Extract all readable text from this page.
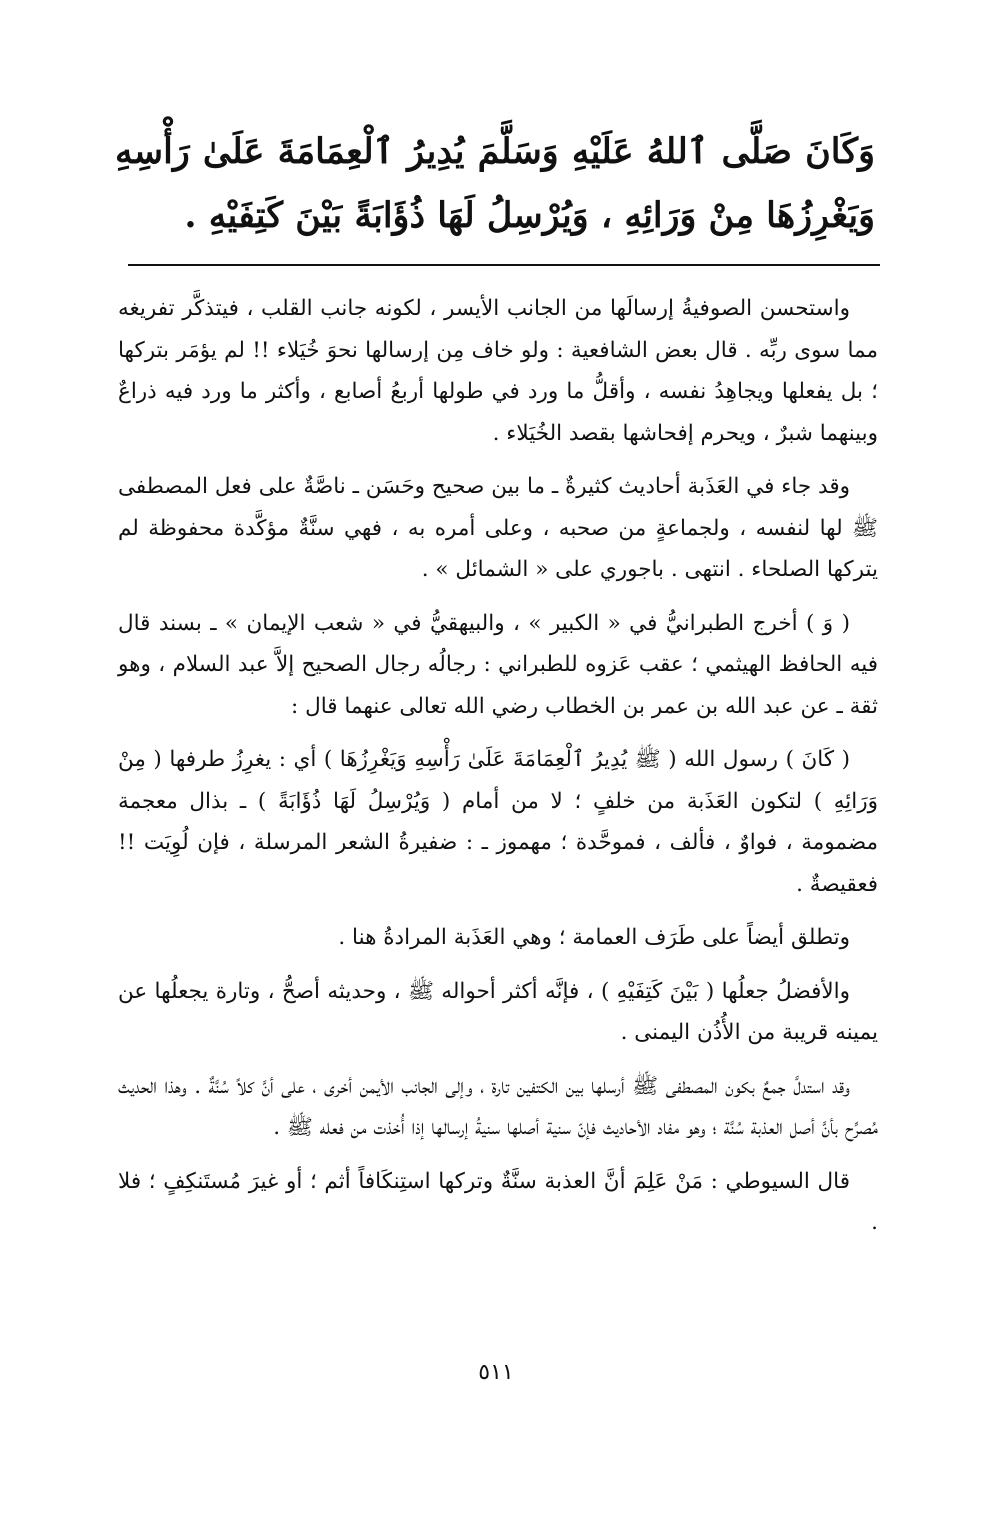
وَكَانَ صَلَّى ٱللهُ عَلَيْهِ وَسَلَّمَ يُدِيرُ ٱلْعِمَامَةَ عَلَىٰ رَأْسِهِ وَيَغْرِزُهَا مِنْ وَرَائِهِ ، وَيُرْسِلُ لَهَا ذُؤَابَةً بَيْنَ كَتِفَيْهِ .

واستحسن الصوفيةُ إرسالَها من الجانب الأيسر ، لكونه جانب القلب ، فيتذكَّر تفريغه مما سوى ربِّه . قال بعض الشافعية : ولو خاف مِن إرسالها نحوَ خُيَلاء !! لم يؤمَر بتركها ؛ بل يفعلها ويجاهِدُ نفسه ، وأقلُّ ما ورد في طولها أربعُ أصابع ، وأكثر ما ورد فيه ذراعٌ وبينهما شبرٌ ، ويحرم إفحاشها بقصد الخُيَلاء .

وقد جاء في العَذَبة أحاديث كثيرةٌ ـ ما بين صحيح وحَسَن ـ ناصَّةٌ على فعل المصطفى ﷺ لها لنفسه ، ولجماعةٍ من صحبه ، وعلى أمره به ، فهي سنَّةٌ مؤكَّدة محفوظة لم يتركها الصلحاء . انتهى . باجوري على « الشمائل » .

( وَ ) أخرج الطبرانيُّ في « الكبير » ، والبيهقيُّ في « شعب الإيمان » ـ بسند قال فيه الحافظ الهيثمي ؛ عقب عَزوه للطبراني : رجالُه رجال الصحيح إلاَّ عبد السلام ، وهو ثقة ـ عن عبد الله بن عمر بن الخطاب رضي الله تعالى عنهما قال :

( كَانَ ) رسول الله ( ﷺ يُدِيرُ ٱلْعِمَامَةَ عَلَىٰ رَأْسِهِ وَيَغْرِزُهَا ) أي : يغرِزُ طرفها ( مِنْ وَرَائِهِ ) لتكون العَذَبة من خلفٍ ؛ لا من أمام ( وَيُرْسِلُ لَهَا ذُؤَابَةً ) ـ بذال معجمة مضمومة ، فواوٌ ، فألف ، فموحَّدة ؛ مهموز ـ : ضفيرةُ الشعر المرسلة ، فإن لُوِيَت !! فعقيصةٌ .

وتطلق أيضاً على طَرَف العمامة ؛ وهي العَذَبة المرادةُ هنا .

والأفضلُ جعلُها ( بَيْنَ كَتِفَيْهِ ) ، فإنَّه أكثر أحواله ﷺ ، وحديثه أصحُّ ، وتارة يجعلُها عن يمينه قريبة من الأُذُن اليمنى .

وقد استدلَّ جمعٌ بكون المصطفى ﷺ أرسلها بين الكتفين تارة ، وإلى الجانب الأيمن أخرى ، على أنَّ كلاً سُنَّةٌ . وهذا الحديث مُصرِّح بأنَّ أصل العذبة سُنَّة ؛ وهو مفاد الأحاديث فإنّ سنية أصلها سنيةُ إرسالها إذا أُخذت من فعله ﷺ .

قال السيوطي : مَنْ عَلِمَ أنَّ العذبة سنَّةٌ وتركها استِنكَافاً أثم ؛ أو غيرَ مُستَنكِفٍ ؛ فلا .

٥١١
